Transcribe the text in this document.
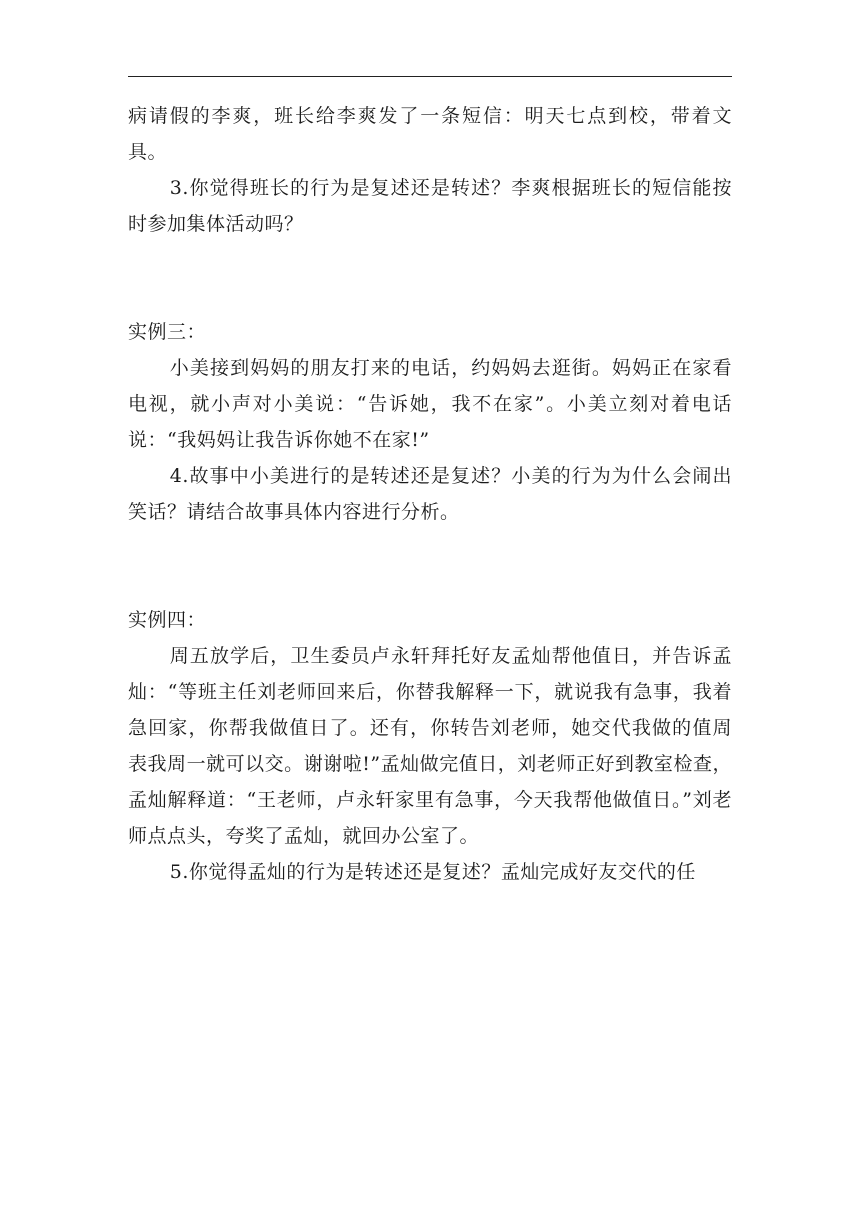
病请假的李爽，班长给李爽发了一条短信：明天七点到校，带着文具。

3.你觉得班长的行为是复述还是转述？李爽根据班长的短信能按时参加集体活动吗？

实例三：

小美接到妈妈的朋友打来的电话，约妈妈去逛街。妈妈正在家看电视，就小声对小美说：“告诉她，我不在家”。小美立刻对着电话说：“我妈妈让我告诉你她不在家!”

4.故事中小美进行的是转述还是复述？小美的行为为什么会闹出笑话？请结合故事具体内容进行分析。

实例四：

周五放学后，卫生委员卢永轩拜托好友孟灿帮他值日，并告诉孟灿：“等班主任刘老师回来后，你替我解释一下，就说我有急事，我着急回家，你帮我做值日了。还有，你转告刘老师，她交代我做的值周表我周一就可以交。谢谢啦!”孟灿做完值日，刘老师正好到教室检查，孟灿解释道：“王老师，卢永轩家里有急事，今天我帮他做值日。”刘老师点点头，夸奖了孟灿，就回办公室了。

5.你觉得孟灿的行为是转述还是复述？孟灿完成好友交代的任
